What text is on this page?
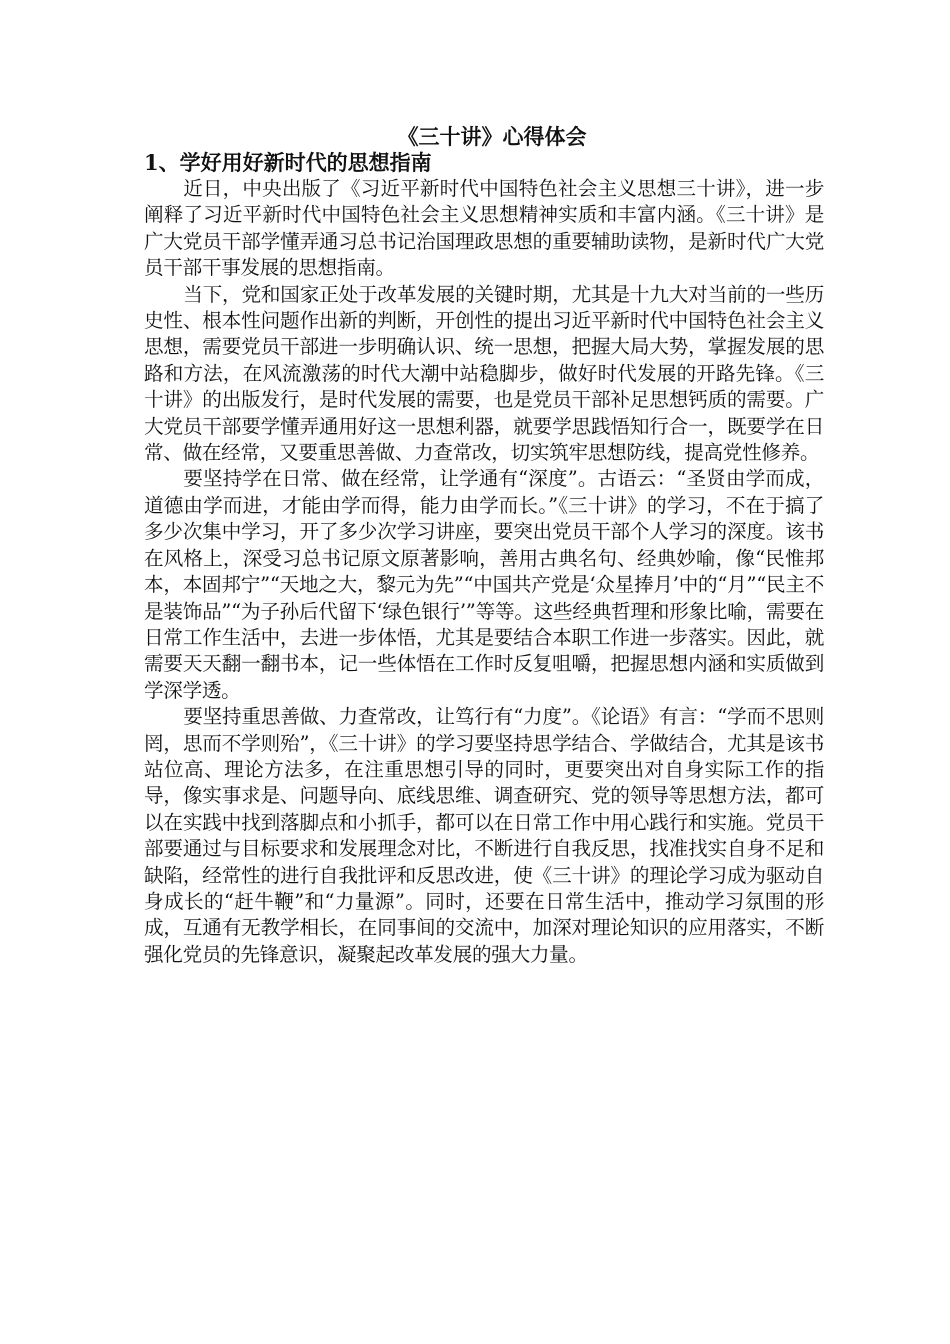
《三十讲》心得体会
1、学好用好新时代的思想指南

近日，中央出版了《习近平新时代中国特色社会主义思想三十讲》，进一步阐释了习近平新时代中国特色社会主义思想精神实质和丰富内涵。《三十讲》是广大党员干部学懂弄通习总书记治国理政思想的重要辅助读物，是新时代广大党员干部干事发展的思想指南。

当下，党和国家正处于改革发展的关键时期，尤其是十九大对当前的一些历史性、根本性问题作出新的判断，开创性的提出习近平新时代中国特色社会主义思想，需要党员干部进一步明确认识、统一思想，把握大局大势，掌握发展的思路和方法，在风流激荡的时代大潮中站稳脚步，做好时代发展的开路先锋。《三十讲》的出版发行，是时代发展的需要，也是党员干部补足思想钙质的需要。广大党员干部要学懂弄通用好这一思想利器，就要学思践悟知行合一，既要学在日常、做在经常，又要重思善做、力查常改，切实筑牢思想防线，提高党性修养。

要坚持学在日常、做在经常，让学通有“深度”。古语云：“圣贤由学而成，道德由学而进，才能由学而得，能力由学而长。”《三十讲》的学习，不在于搞了多少次集中学习，开了多少次学习讲座，要突出党员干部个人学习的深度。该书在风格上，深受习总书记原文原著影响，善用古典名句、经典妙喻，像“民惟邦本，本固邦宁”“天地之大，黎元为先”“中国共产党是‘众星捧月’中的“月”“民主不是装饰品”“为子孙后代留下‘绿色银行’”等等。这些经典哲理和形象比喻，需要在日常工作生活中，去进一步体悟，尤其是要结合本职工作进一步落实。因此，就需要天天翻一翻书本，记一些体悟在工作时反复咀嚼，把握思想内涵和实质做到学深学透。

要坚持重思善做、力查常改，让笃行有“力度”。《论语》有言：“学而不思则罔，思而不学则殆”，《三十讲》的学习要坚持思学结合、学做结合，尤其是该书站位高、理论方法多，在注重思想引导的同时，更要突出对自身实际工作的指导，像实事求是、问题导向、底线思维、调查研究、党的领导等思想方法，都可以在实践中找到落脚点和小抓手，都可以在日常工作中用心践行和实施。党员干部要通过与目标要求和发展理念对比，不断进行自我反思，找准找实自身不足和缺陷，经常性的进行自我批评和反思改进，使《三十讲》的理论学习成为驱动自身成长的“赶牛鞭”和“力量源”。同时，还要在日常生活中，推动学习氛围的形成，互通有无教学相长，在同事间的交流中，加深对理论知识的应用落实，不断强化党员的先锋意识，凝聚起改革发展的强大力量。
